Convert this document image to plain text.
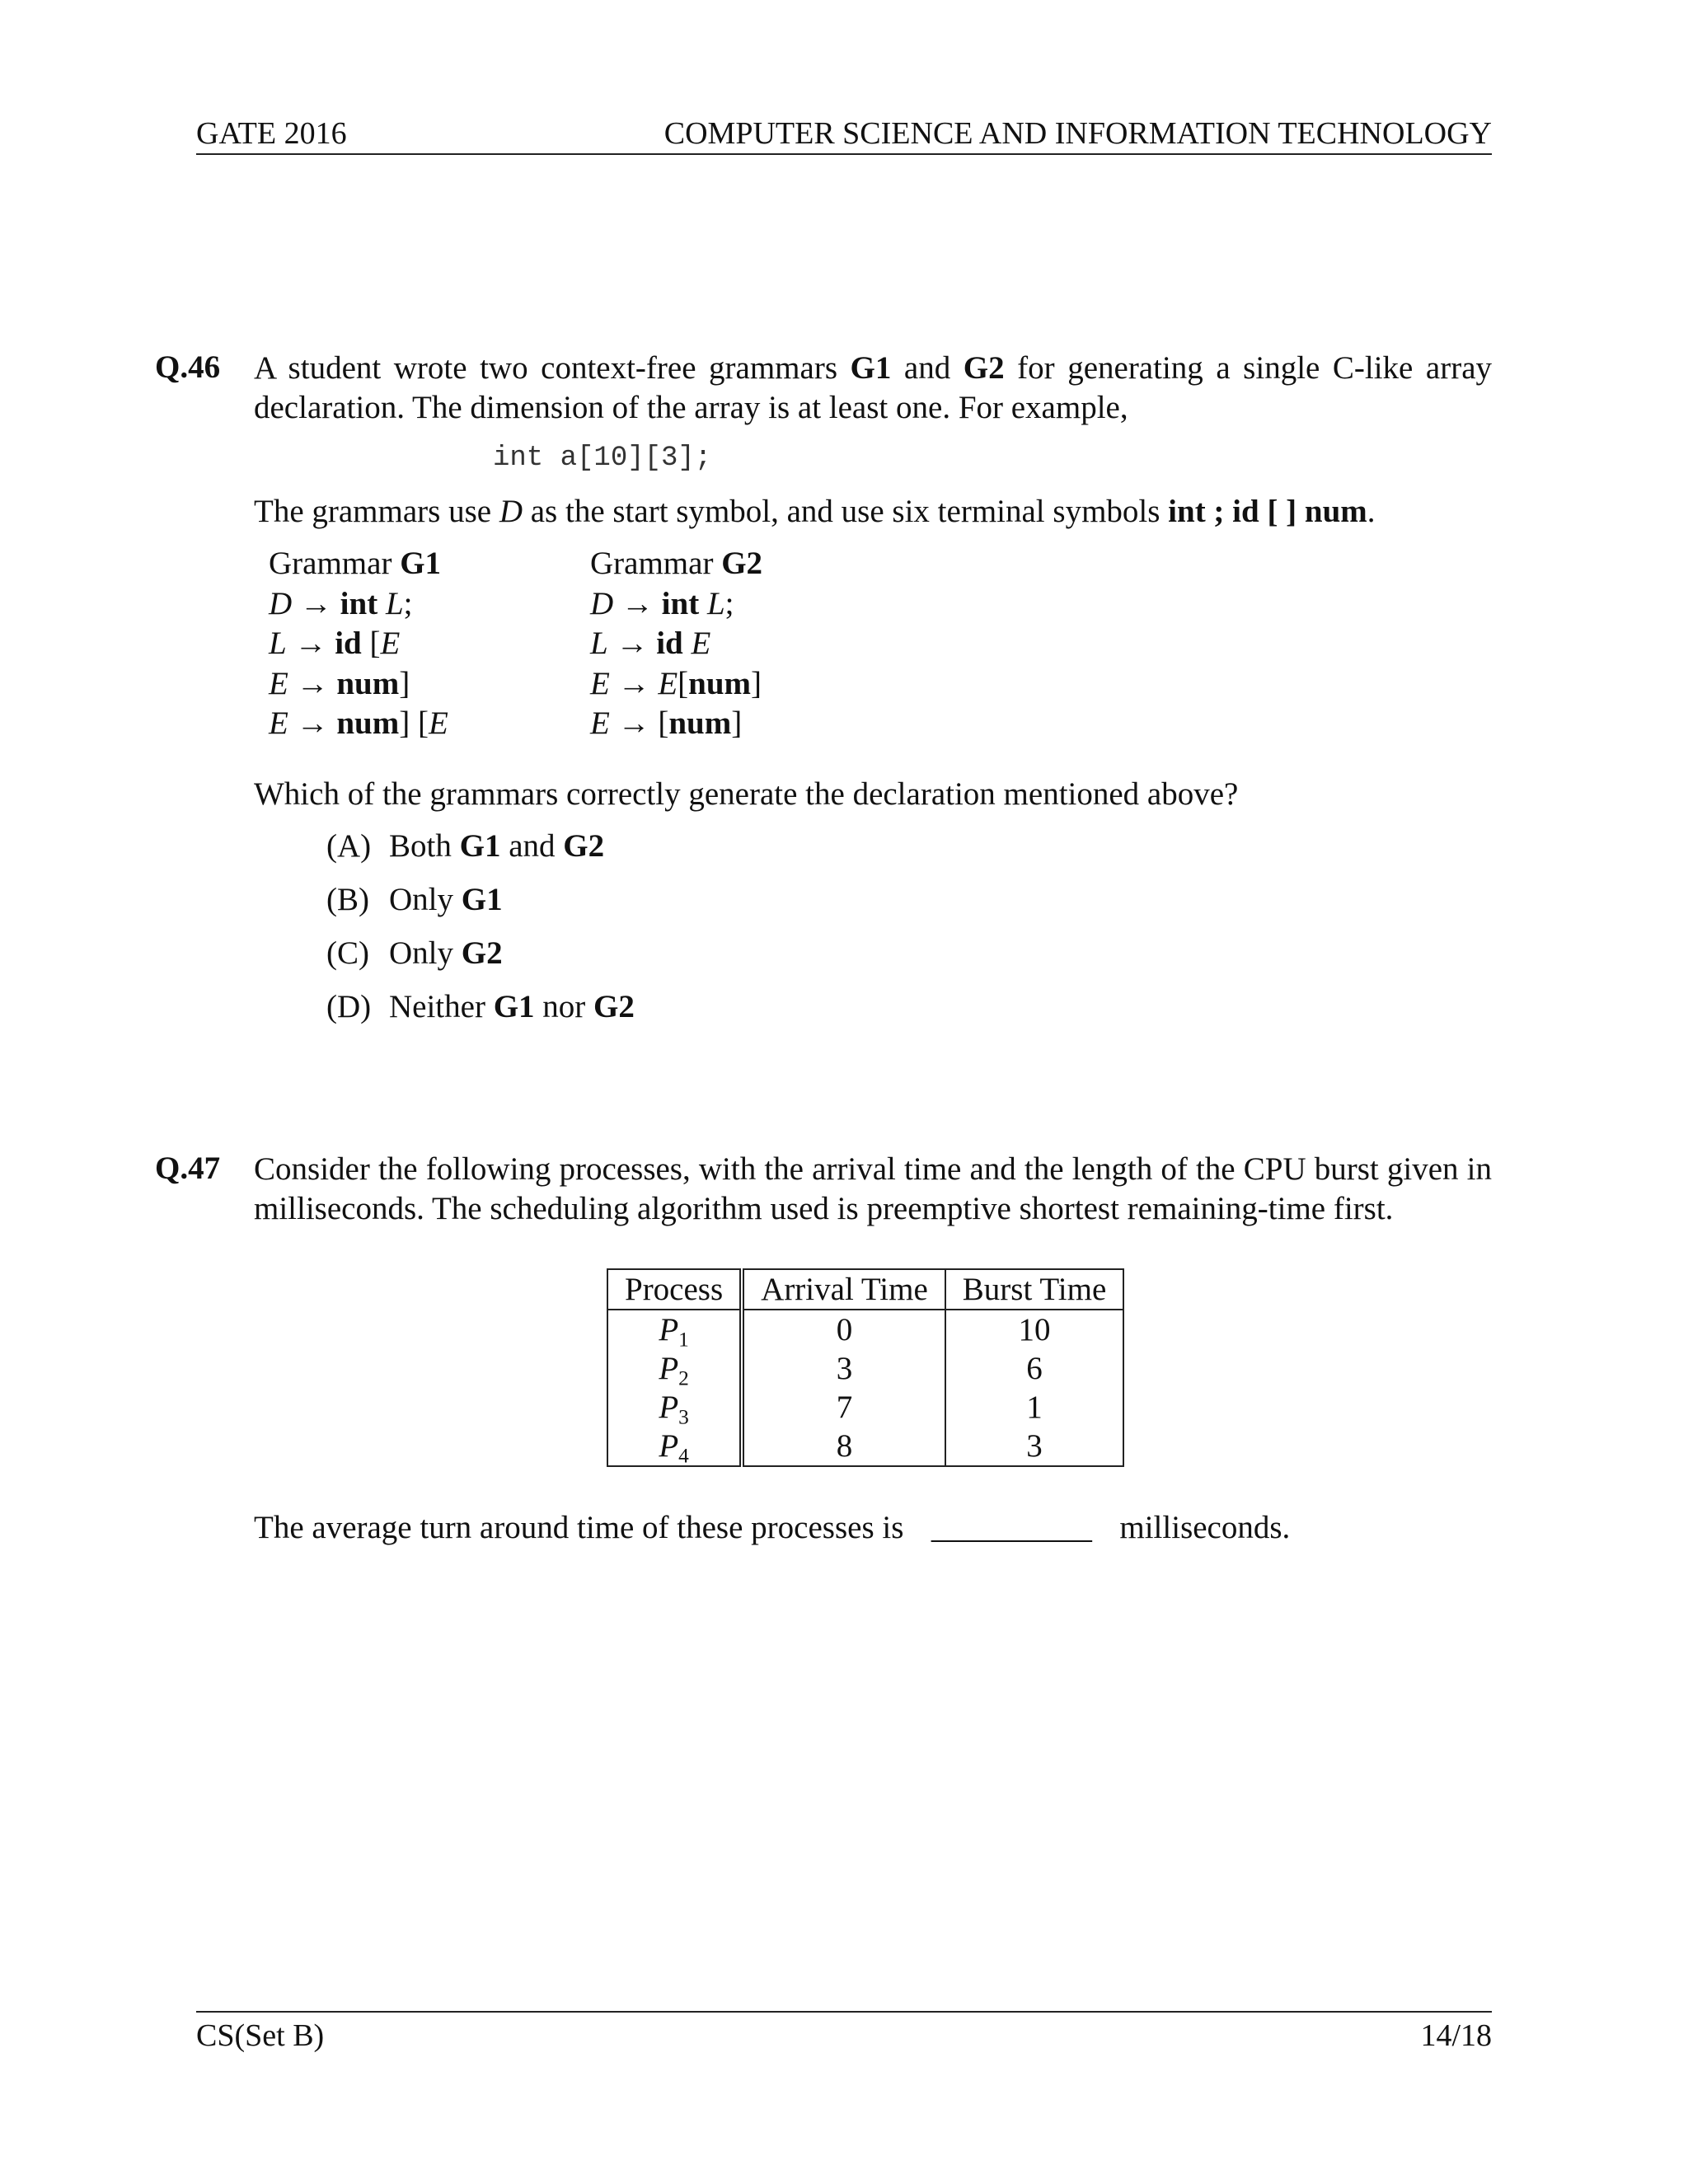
GATE 2016	COMPUTER SCIENCE AND INFORMATION TECHNOLOGY
Q.46 A student wrote two context-free grammars G1 and G2 for generating a single C-like array declaration. The dimension of the array is at least one. For example,
int a[10][3];
The grammars use D as the start symbol, and use six terminal symbols int ; id [ ] num.
Grammar G1
D → int L;
L → id [E
E → num]
E → num] [E
Grammar G2
D → int L;
L → id E
E → E[num]
E → [num]
Which of the grammars correctly generate the declaration mentioned above?
(A) Both G1 and G2
(B) Only G1
(C) Only G2
(D) Neither G1 nor G2
Q.47 Consider the following processes, with the arrival time and the length of the CPU burst given in milliseconds. The scheduling algorithm used is preemptive shortest remaining-time first.
Process	Arrival Time	Burst Time
$P_1$	0	10
$P_2$	3	6
$P_3$	7	1
$P_4$	8	3
The average turn around time of these processes is __________ milliseconds.
CS(Set B)	14/18
